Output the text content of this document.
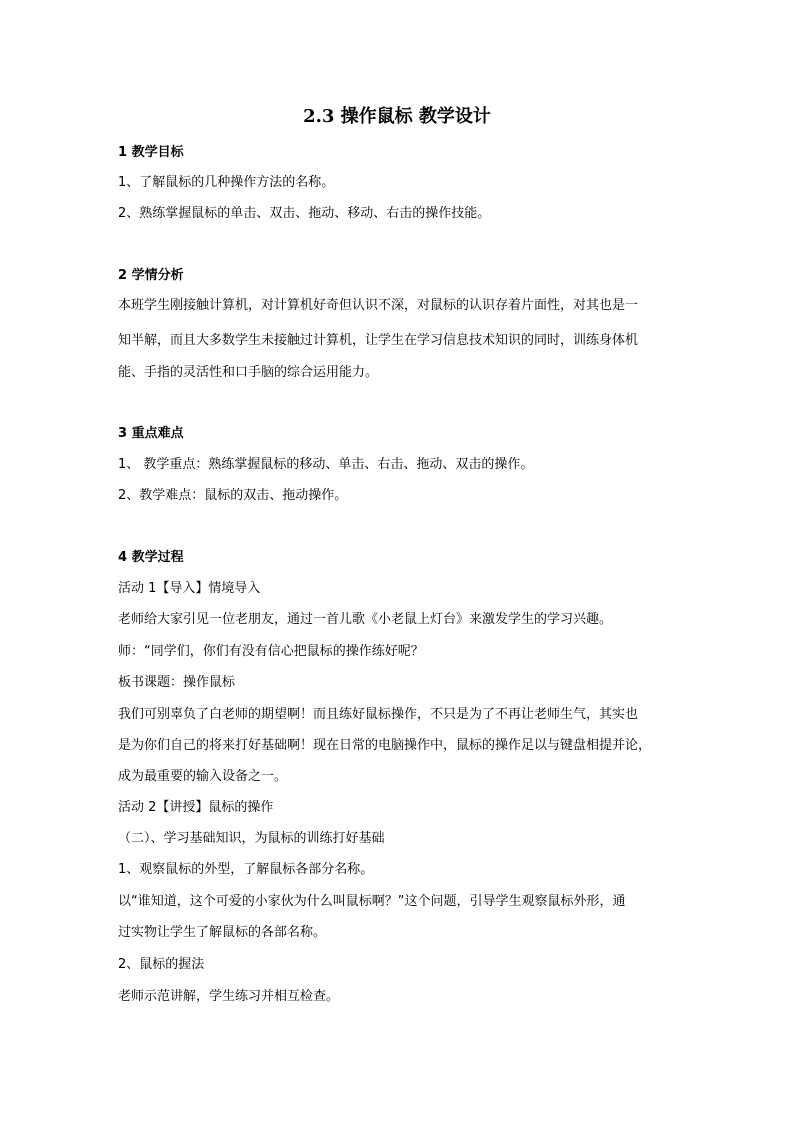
2.3 操作鼠标 教学设计
1 教学目标
1、了解鼠标的几种操作方法的名称。
2、熟练掌握鼠标的单击、双击、拖动、移动、右击的操作技能。
2 学情分析
本班学生刚接触计算机，对计算机好奇但认识不深，对鼠标的认识存着片面性，对其也是一
知半解，而且大多数学生未接触过计算机，让学生在学习信息技术知识的同时，训练身体机
能、手指的灵活性和口手脑的综合运用能力。
3 重点难点
1、 教学重点：熟练掌握鼠标的移动、单击、右击、拖动、双击的操作。
2、教学难点：鼠标的双击、拖动操作。
4 教学过程
活动 1【导入】情境导入
老师给大家引见一位老朋友，通过一首儿歌《小老鼠上灯台》来激发学生的学习兴趣。
师：“同学们，你们有没有信心把鼠标的操作练好呢？
板书课题：操作鼠标
我们可别辜负了白老师的期望啊！而且练好鼠标操作，不只是为了不再让老师生气，其实也
是为你们自己的将来打好基础啊！现在日常的电脑操作中，鼠标的操作足以与键盘相提并论，
成为最重要的输入设备之一。
活动 2【讲授】鼠标的操作
（二）、学习基础知识，为鼠标的训练打好基础
1、观察鼠标的外型，了解鼠标各部分名称。
以“谁知道，这个可爱的小家伙为什么叫鼠标啊？”这个问题，引导学生观察鼠标外形，通
过实物让学生了解鼠标的各部名称。
2、鼠标的握法
老师示范讲解，学生练习并相互检查。
